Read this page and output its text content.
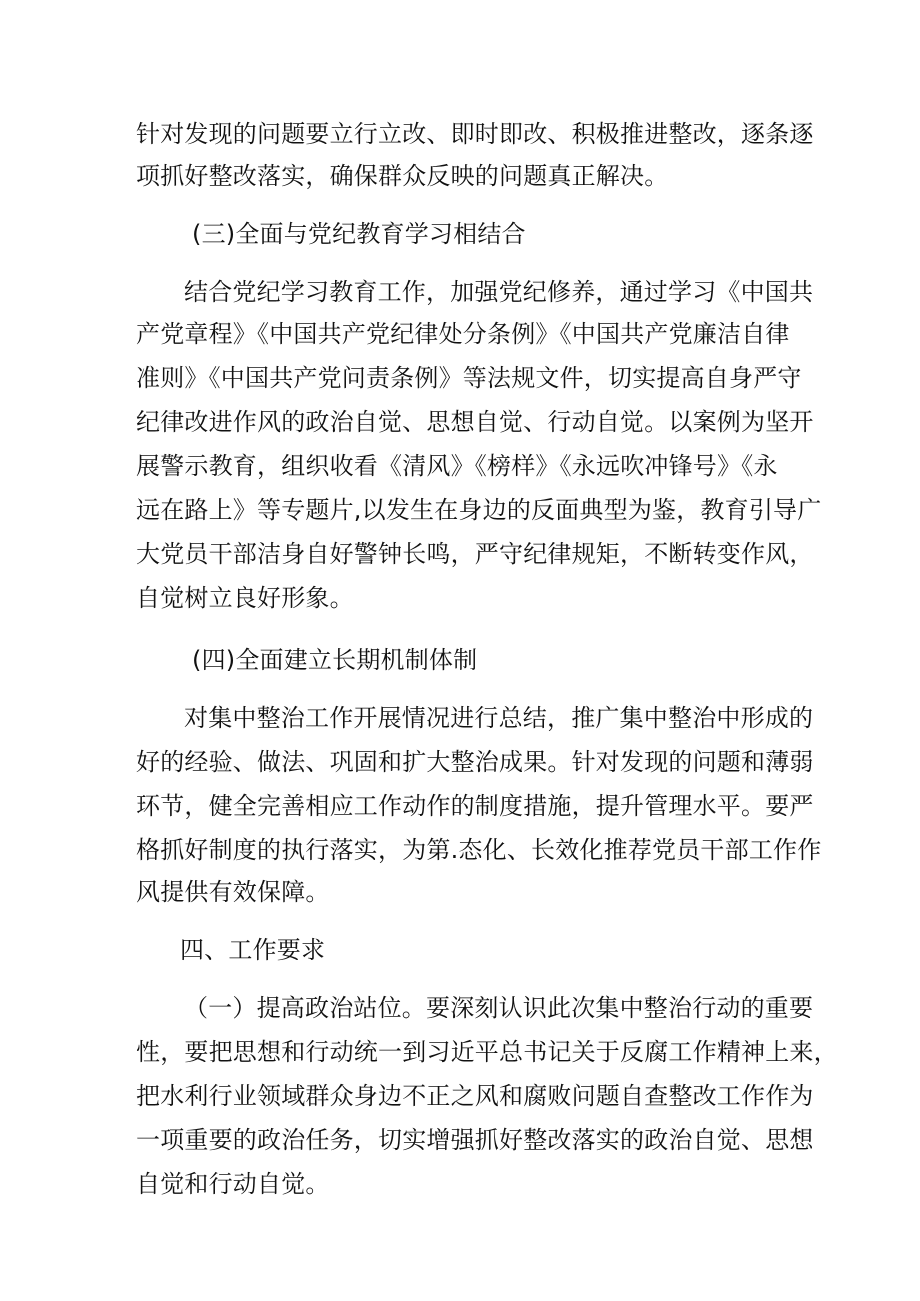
针对发现的问题要立行立改、即时即改、积极推进整改，逐条逐
项抓好整改落实，确保群众反映的问题真正解决。
(三)全面与党纪教育学习相结合
结合党纪学习教育工作，加强党纪修养，通过学习《中国共
产党章程》《中国共产党纪律处分条例》《中国共产党廉洁自律
准则》《中国共产党问责条例》等法规文件，切实提高自身严守
纪律改进作风的政治自觉、思想自觉、行动自觉。以案例为坚开
展警示教育，组织收看《清风》《榜样》《永远吹冲锋号》《永
远在路上》等专题片,以发生在身边的反面典型为鉴，教育引导广
大党员干部洁身自好警钟长鸣，严守纪律规矩，不断转变作风，
自觉树立良好形象。
(四)全面建立长期机制体制
对集中整治工作开展情况进行总结，推广集中整治中形成的
好的经验、做法、巩固和扩大整治成果。针对发现的问题和薄弱
环节，健全完善相应工作动作的制度措施，提升管理水平。要严
格抓好制度的执行落实，为第.态化、长效化推荐党员干部工作作
风提供有效保障。
四、工作要求
（一）提高政治站位。要深刻认识此次集中整治行动的重要
性，要把思想和行动统一到习近平总书记关于反腐工作精神上来，
把水利行业领域群众身边不正之风和腐败问题自查整改工作作为
一项重要的政治任务，切实增强抓好整改落实的政治自觉、思想
自觉和行动自觉。
